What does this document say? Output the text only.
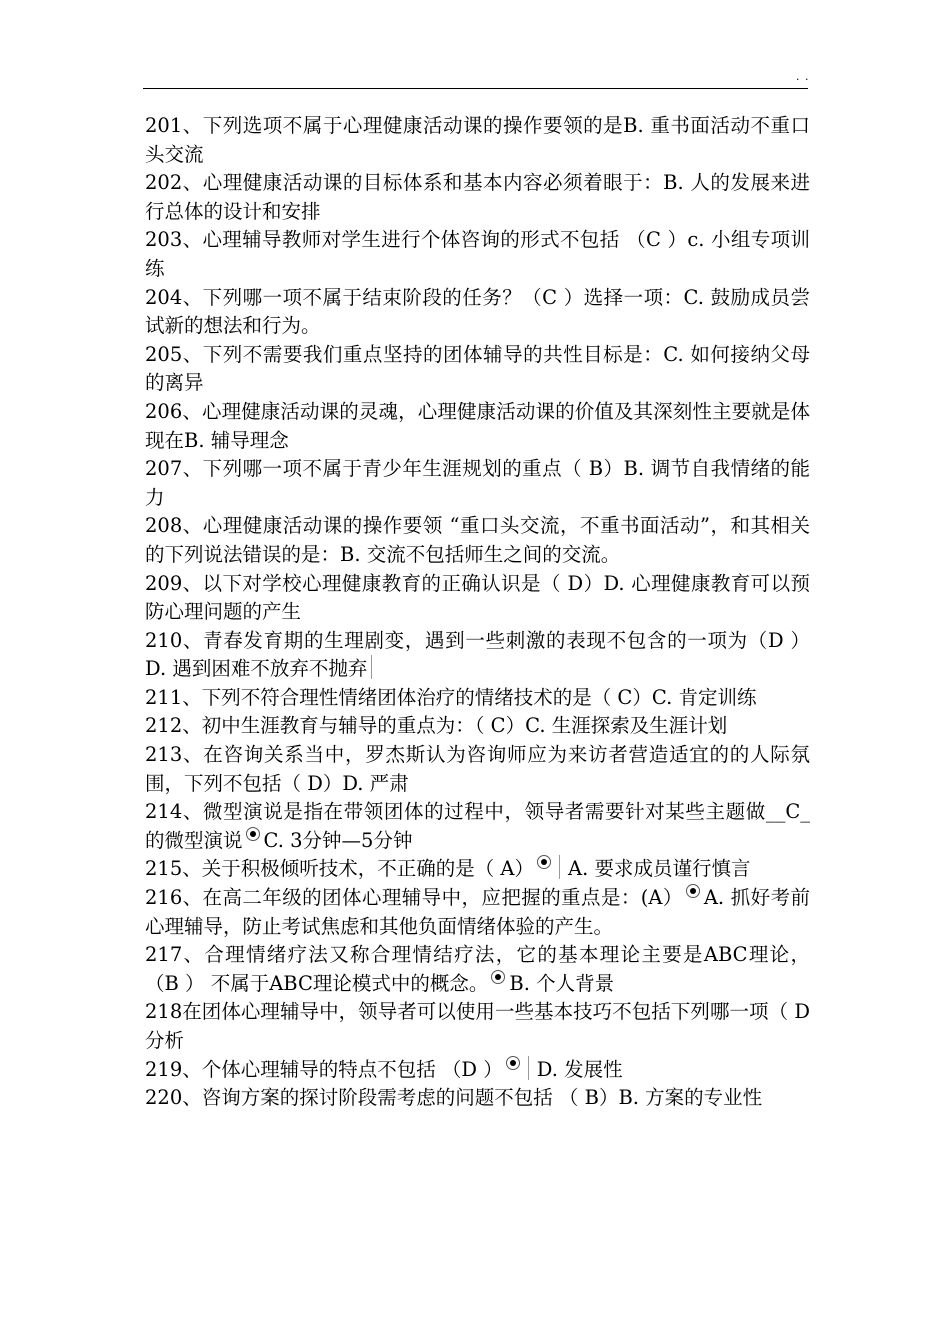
. .

201、下列选项不属于心理健康活动课的操作要领的是B. 重书面活动不重口头交流

202、心理健康活动课的目标体系和基本内容必须着眼于：B. 人的发展来进行总体的设计和安排

203、心理辅导教师对学生进行个体咨询的形式不包括 （C ）c. 小组专项训练

204、下列哪一项不属于结束阶段的任务？（C ）选择一项：C. 鼓励成员尝试新的想法和行为。

205、下列不需要我们重点坚持的团体辅导的共性目标是：C. 如何接纳父母的离异

206、心理健康活动课的灵魂，心理健康活动课的价值及其深刻性主要就是体现在B. 辅导理念

207、下列哪一项不属于青少年生涯规划的重点（ B）B. 调节自我情绪的能力

208、心理健康活动课的操作要领 “重口头交流，不重书面活动”，和其相关的下列说法错误的是：B. 交流不包括师生之间的交流。

209、以下对学校心理健康教育的正确认识是（ D）D. 心理健康教育可以预防心理问题的产生

210、青春发育期的生理剧变，遇到一些刺激的表现不包含的一项为（D ）D. 遇到困难不放弃不抛弃

211、下列不符合理性情绪团体治疗的情绪技术的是（ C）C. 肯定训练

212、初中生涯教育与辅导的重点为：（ C）C. 生涯探索及生涯计划

213、在咨询关系当中，罗杰斯认为咨询师应为来访者营造适宜的的人际氛围，下列不包括（ D）D. 严肃

214、微型演说是指在带领团体的过程中，领导者需要针对某些主题做__C_的微型演说 C. 3分钟—5分钟

215、关于积极倾听技术，不正确的是（ A） A. 要求成员谨行慎言

216、在高二年级的团体心理辅导中，应把握的重点是：(A） A. 抓好考前心理辅导，防止考试焦虑和其他负面情绪体验的产生。

217、合理情绪疗法又称合理情结疗法，它的基本理论主要是ABC理论， （B ） 不属于ABC理论模式中的概念。 B. 个人背景

218在团体心理辅导中，领导者可以使用一些基本技巧不包括下列哪一项（ D分析

219、个体心理辅导的特点不包括 （D ） D. 发展性

220、咨询方案的探讨阶段需考虑的问题不包括 （ B）B. 方案的专业性
